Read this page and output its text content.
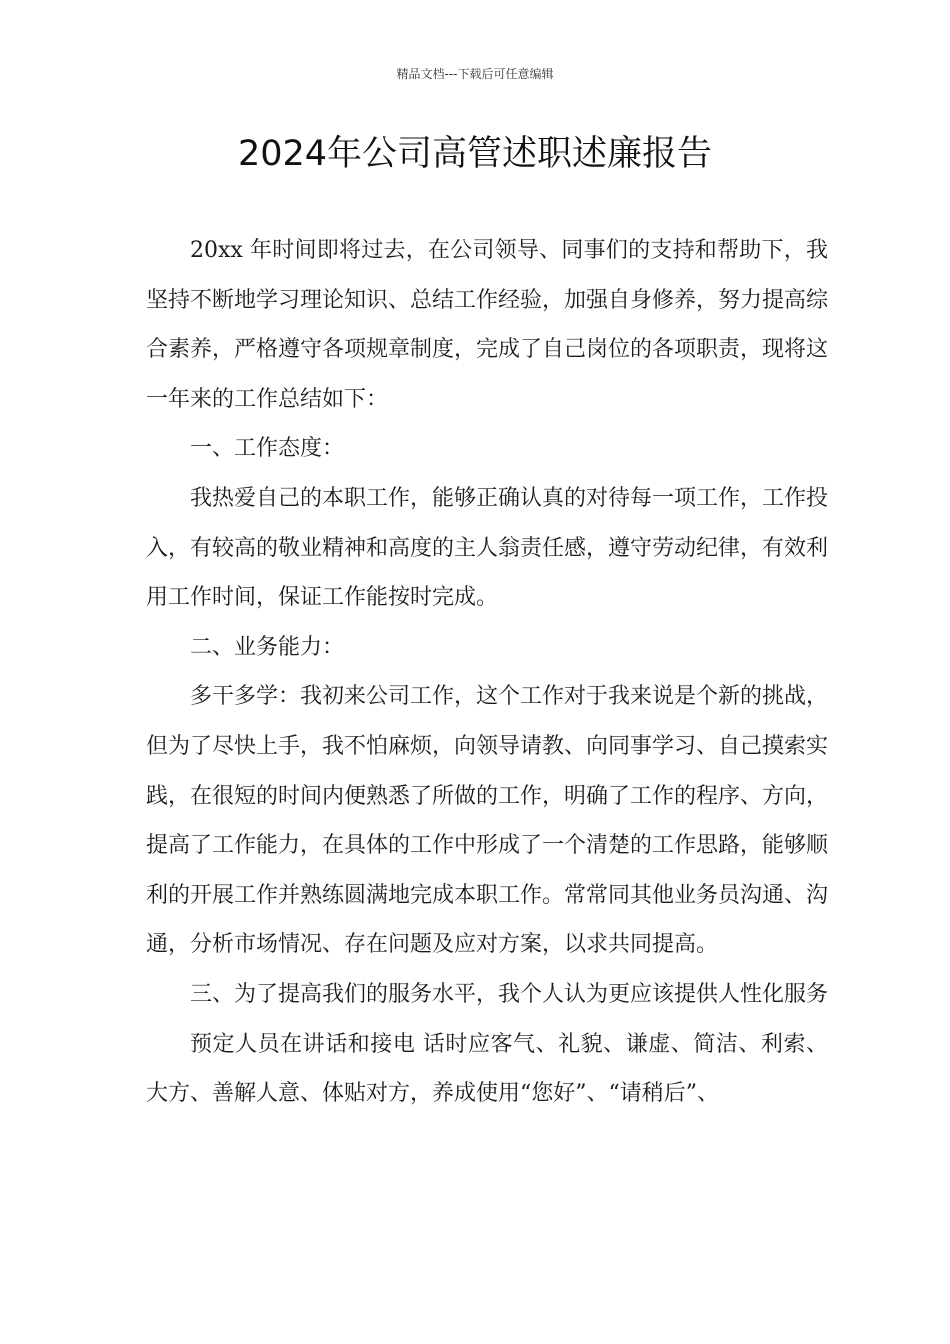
精品文档---下载后可任意编辑
2024年公司高管述职述廉报告

20xx 年时间即将过去，在公司领导、同事们的支持和帮助下，我坚持不断地学习理论知识、总结工作经验，加强自身修养，努力提高综合素养，严格遵守各项规章制度，完成了自己岗位的各项职责，现将这一年来的工作总结如下：

一、工作态度：

我热爱自己的本职工作，能够正确认真的对待每一项工作，工作投入，有较高的敬业精神和高度的主人翁责任感，遵守劳动纪律，有效利用工作时间，保证工作能按时完成。

二、业务能力：

多干多学：我初来公司工作，这个工作对于我来说是个新的挑战，但为了尽快上手，我不怕麻烦，向领导请教、向同事学习、自己摸索实践，在很短的时间内便熟悉了所做的工作，明确了工作的程序、方向，提高了工作能力，在具体的工作中形成了一个清楚的工作思路，能够顺利的开展工作并熟练圆满地完成本职工作。常常同其他业务员沟通、沟通，分析市场情况、存在问题及应对方案，以求共同提高。

三、为了提高我们的服务水平，我个人认为更应该提供人性化服务

预定人员在讲话和接电 话时应客气、礼貌、谦虚、简洁、利索、大方、善解人意、体贴对方，养成使用“您好”、“请稍后”、
